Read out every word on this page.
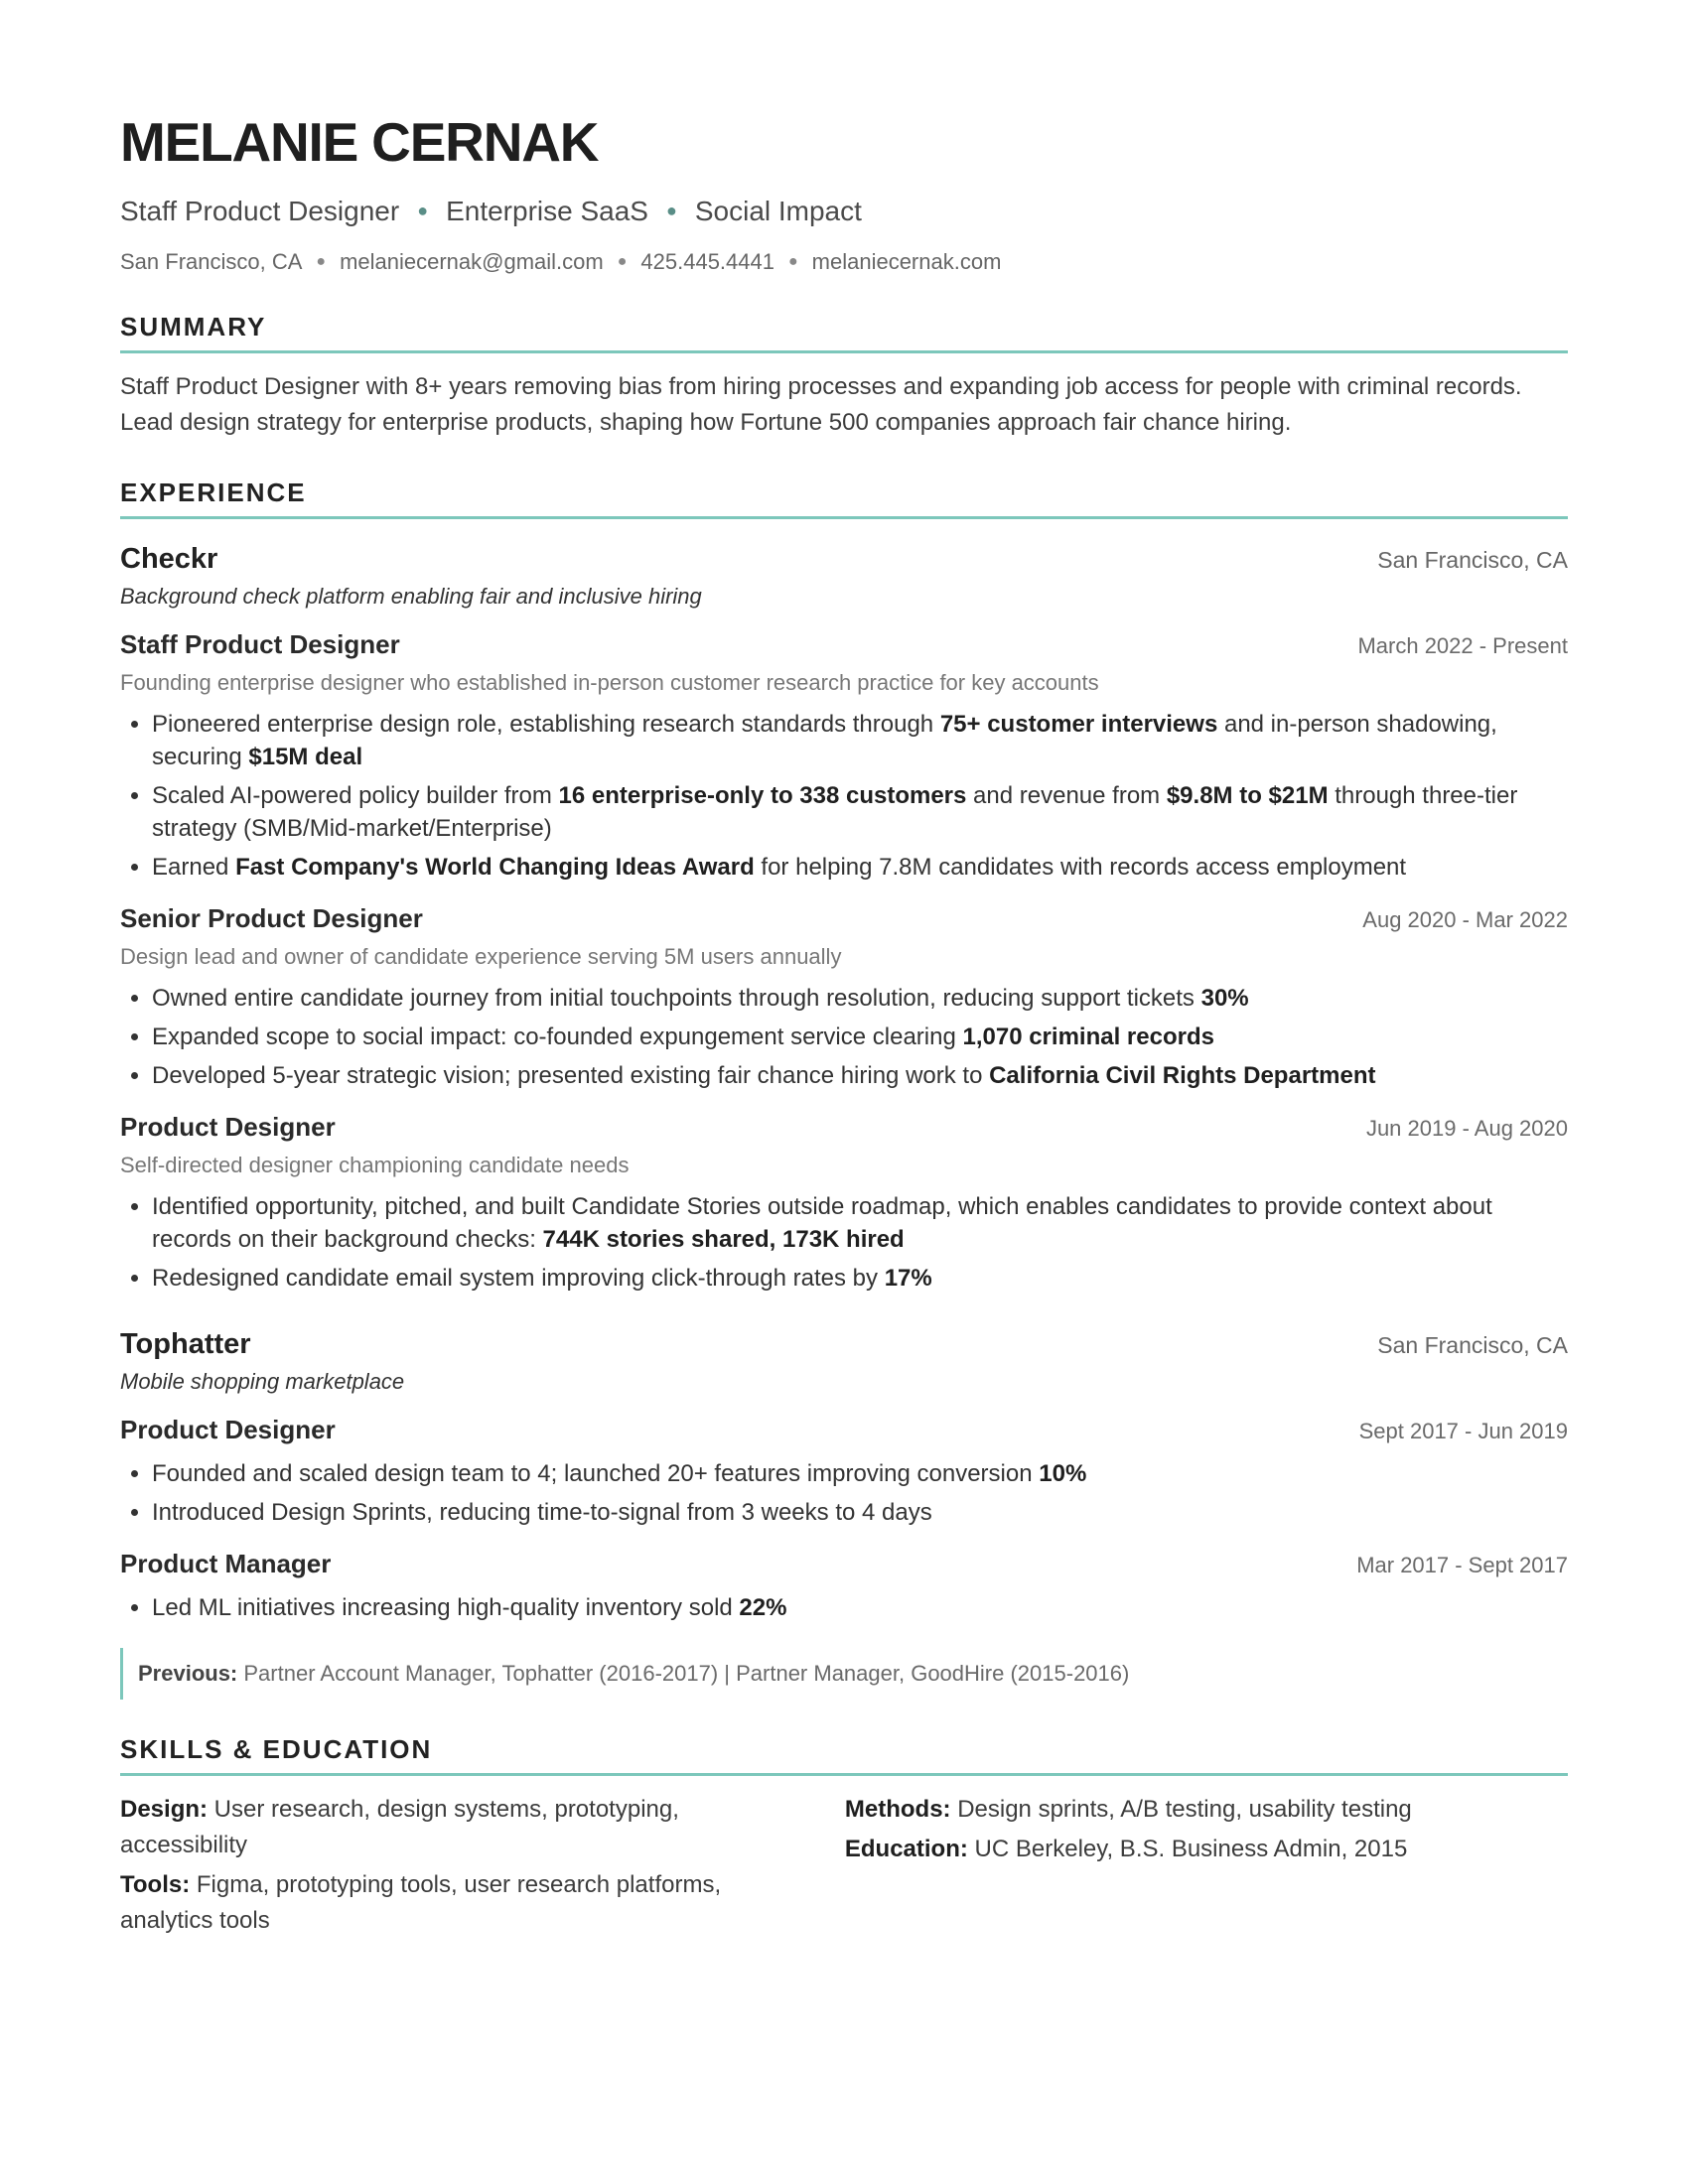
MELANIE CERNAK
Staff Product Designer ● Enterprise SaaS ● Social Impact
San Francisco, CA ● melaniecernak@gmail.com ● 425.445.4441 ● melaniecernak.com
SUMMARY
Staff Product Designer with 8+ years removing bias from hiring processes and expanding job access for people with criminal records. Lead design strategy for enterprise products, shaping how Fortune 500 companies approach fair chance hiring.
EXPERIENCE
Checkr	San Francisco, CA
Background check platform enabling fair and inclusive hiring
Staff Product Designer	March 2022 - Present
Founding enterprise designer who established in-person customer research practice for key accounts
• Pioneered enterprise design role, establishing research standards through 75+ customer interviews and in-person shadowing, securing $15M deal
• Scaled AI-powered policy builder from 16 enterprise-only to 338 customers and revenue from $9.8M to $21M through three-tier strategy (SMB/Mid-market/Enterprise)
• Earned Fast Company's World Changing Ideas Award for helping 7.8M candidates with records access employment
Senior Product Designer	Aug 2020 - Mar 2022
Design lead and owner of candidate experience serving 5M users annually
• Owned entire candidate journey from initial touchpoints through resolution, reducing support tickets 30%
• Expanded scope to social impact: co-founded expungement service clearing 1,070 criminal records
• Developed 5-year strategic vision; presented existing fair chance hiring work to California Civil Rights Department
Product Designer	Jun 2019 - Aug 2020
Self-directed designer championing candidate needs
• Identified opportunity, pitched, and built Candidate Stories outside roadmap, which enables candidates to provide context about records on their background checks: 744K stories shared, 173K hired
• Redesigned candidate email system improving click-through rates by 17%
Tophatter	San Francisco, CA
Mobile shopping marketplace
Product Designer	Sept 2017 - Jun 2019
• Founded and scaled design team to 4; launched 20+ features improving conversion 10%
• Introduced Design Sprints, reducing time-to-signal from 3 weeks to 4 days
Product Manager	Mar 2017 - Sept 2017
• Led ML initiatives increasing high-quality inventory sold 22%
Previous: Partner Account Manager, Tophatter (2016-2017) | Partner Manager, GoodHire (2015-2016)
SKILLS & EDUCATION
Design: User research, design systems, prototyping, accessibility
Tools: Figma, prototyping tools, user research platforms, analytics tools
Methods: Design sprints, A/B testing, usability testing
Education: UC Berkeley, B.S. Business Admin, 2015
